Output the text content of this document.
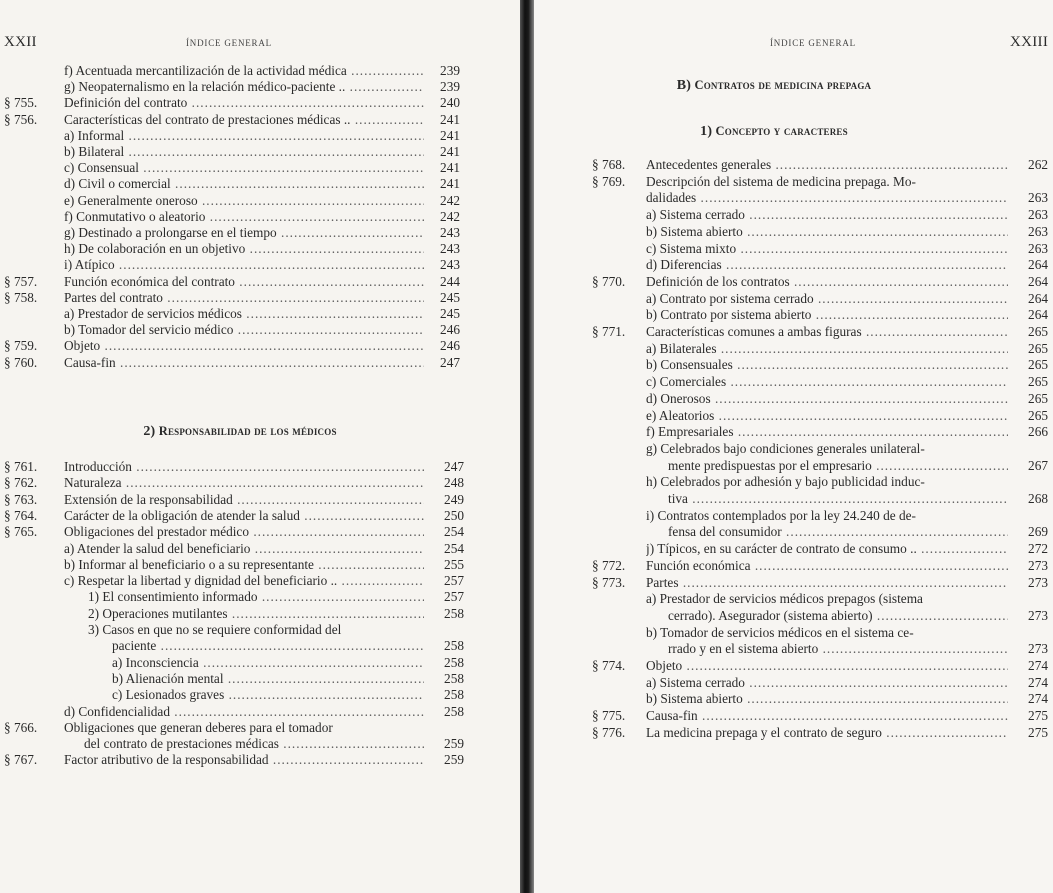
XXII	ÍNDICE GENERAL
f) Acentuada mercantilización de la actividad médica .....	239
g) Neopaternalismo en la relación médico-paciente .. .....	239
§ 755. Definición del contrato .....	240
§ 756. Características del contrato de prestaciones médicas .. .....	241
a) Informal .....	241
b) Bilateral .....	241
c) Consensual .....	241
d) Civil o comercial .....	241
e) Generalmente oneroso .....	242
f) Conmutativo o aleatorio .....	242
g) Destinado a prolongarse en el tiempo .....	243
h) De colaboración en un objetivo .....	243
i) Atípico .....	243
§ 757. Función económica del contrato .....	244
§ 758. Partes del contrato .....	245
a) Prestador de servicios médicos .....	245
b) Tomador del servicio médico .....	246
§ 759. Objeto .....	246
§ 760. Causa-fin .....	247
2) Responsabilidad de los médicos
§ 761. Introducción .....	247
§ 762. Naturaleza .....	248
§ 763. Extensión de la responsabilidad .....	249
§ 764. Carácter de la obligación de atender la salud .....	250
§ 765. Obligaciones del prestador médico .....	254
a) Atender la salud del beneficiario .....	254
b) Informar al beneficiario o a su representante .....	255
c) Respetar la libertad y dignidad del beneficiario .. .....	257
1) El consentimiento informado .....	257
2) Operaciones mutilantes .....	258
3) Casos en que no se requiere conformidad del
paciente .....	258
a) Inconsciencia .....	258
b) Alienación mental .....	258
c) Lesionados graves .....	258
d) Confidencialidad .....	258
§ 766. Obligaciones que generan deberes para el tomador
del contrato de prestaciones médicas .....	259
§ 767. Factor atributivo de la responsabilidad .....	259
ÍNDICE GENERAL	XXIII
B) Contratos de medicina prepaga
1) Concepto y caracteres
§ 768. Antecedentes generales .....	262
§ 769. Descripción del sistema de medicina prepaga. Mo-
dalidades .....	263
a) Sistema cerrado .....	263
b) Sistema abierto .....	263
c) Sistema mixto .....	263
d) Diferencias .....	264
§ 770. Definición de los contratos .....	264
a) Contrato por sistema cerrado .....	264
b) Contrato por sistema abierto .....	264
§ 771. Características comunes a ambas figuras .....	265
a) Bilaterales .....	265
b) Consensuales .....	265
c) Comerciales .....	265
d) Onerosos .....	265
e) Aleatorios .....	265
f) Empresariales .....	266
g) Celebrados bajo condiciones generales unilateral-
mente predispuestas por el empresario .....	267
h) Celebrados por adhesión y bajo publicidad induc-
tiva .....	268
i) Contratos contemplados por la ley 24.240 de de-
fensa del consumidor .....	269
j) Típicos, en su carácter de contrato de consumo .. .....	272
§ 772. Función económica .....	273
§ 773. Partes .....	273
a) Prestador de servicios médicos prepagos (sistema
cerrado). Asegurador (sistema abierto) .....	273
b) Tomador de servicios médicos en el sistema ce-
rrado y en el sistema abierto .....	273
§ 774. Objeto .....	274
a) Sistema cerrado .....	274
b) Sistema abierto .....	274
§ 775. Causa-fin .....	275
§ 776. La medicina prepaga y el contrato de seguro .....	275
